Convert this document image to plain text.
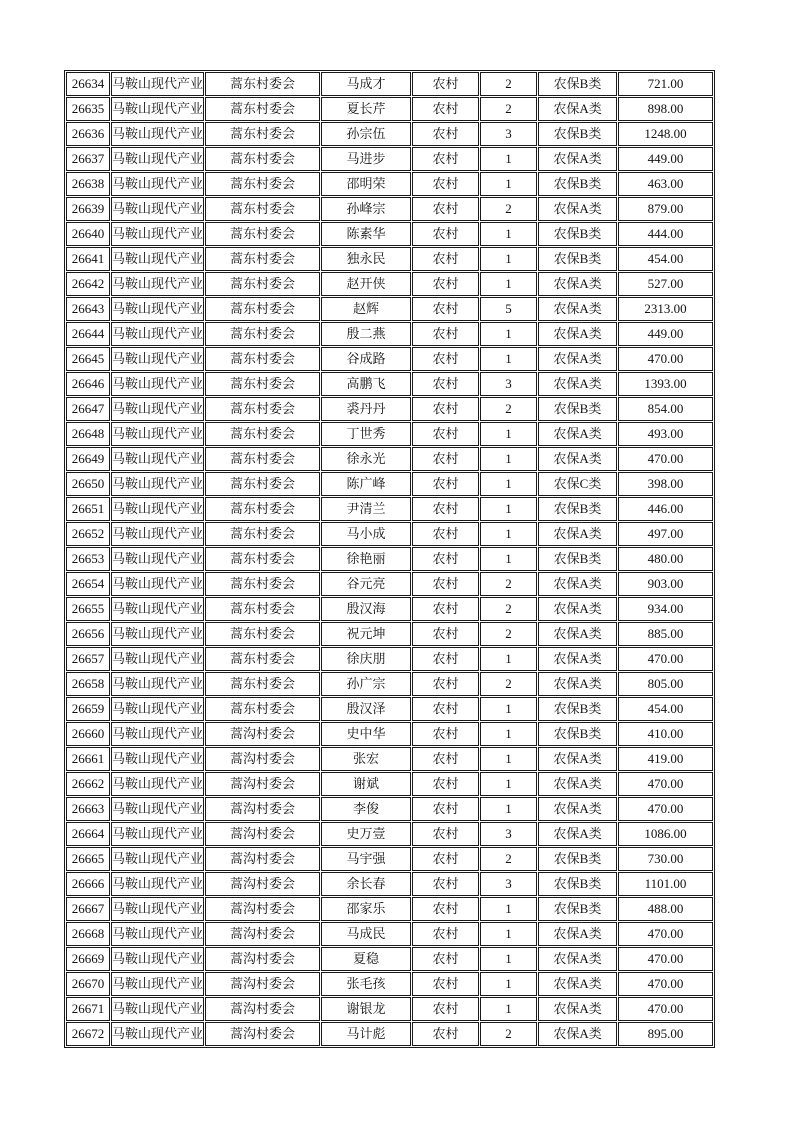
26634	马鞍山现代产业	蒿东村委会	马成才	农村	2	农保B类	721.00
26635	马鞍山现代产业	蒿东村委会	夏长芹	农村	2	农保A类	898.00
26636	马鞍山现代产业	蒿东村委会	孙宗伍	农村	3	农保B类	1248.00
26637	马鞍山现代产业	蒿东村委会	马进步	农村	1	农保A类	449.00
26638	马鞍山现代产业	蒿东村委会	邵明荣	农村	1	农保B类	463.00
26639	马鞍山现代产业	蒿东村委会	孙峰宗	农村	2	农保A类	879.00
26640	马鞍山现代产业	蒿东村委会	陈素华	农村	1	农保B类	444.00
26641	马鞍山现代产业	蒿东村委会	独永民	农村	1	农保B类	454.00
26642	马鞍山现代产业	蒿东村委会	赵开侠	农村	1	农保A类	527.00
26643	马鞍山现代产业	蒿东村委会	赵辉	农村	5	农保A类	2313.00
26644	马鞍山现代产业	蒿东村委会	殷二燕	农村	1	农保A类	449.00
26645	马鞍山现代产业	蒿东村委会	谷成路	农村	1	农保A类	470.00
26646	马鞍山现代产业	蒿东村委会	高鹏飞	农村	3	农保A类	1393.00
26647	马鞍山现代产业	蒿东村委会	裘丹丹	农村	2	农保B类	854.00
26648	马鞍山现代产业	蒿东村委会	丁世秀	农村	1	农保A类	493.00
26649	马鞍山现代产业	蒿东村委会	徐永光	农村	1	农保A类	470.00
26650	马鞍山现代产业	蒿东村委会	陈广峰	农村	1	农保C类	398.00
26651	马鞍山现代产业	蒿东村委会	尹清兰	农村	1	农保B类	446.00
26652	马鞍山现代产业	蒿东村委会	马小成	农村	1	农保A类	497.00
26653	马鞍山现代产业	蒿东村委会	徐艳丽	农村	1	农保B类	480.00
26654	马鞍山现代产业	蒿东村委会	谷元亮	农村	2	农保A类	903.00
26655	马鞍山现代产业	蒿东村委会	殷汉海	农村	2	农保A类	934.00
26656	马鞍山现代产业	蒿东村委会	祝元坤	农村	2	农保A类	885.00
26657	马鞍山现代产业	蒿东村委会	徐庆朋	农村	1	农保A类	470.00
26658	马鞍山现代产业	蒿东村委会	孙广宗	农村	2	农保A类	805.00
26659	马鞍山现代产业	蒿东村委会	殷汉泽	农村	1	农保B类	454.00
26660	马鞍山现代产业	蒿沟村委会	史中华	农村	1	农保B类	410.00
26661	马鞍山现代产业	蒿沟村委会	张宏	农村	1	农保A类	419.00
26662	马鞍山现代产业	蒿沟村委会	谢斌	农村	1	农保A类	470.00
26663	马鞍山现代产业	蒿沟村委会	李俊	农村	1	农保A类	470.00
26664	马鞍山现代产业	蒿沟村委会	史万壹	农村	3	农保A类	1086.00
26665	马鞍山现代产业	蒿沟村委会	马宇强	农村	2	农保B类	730.00
26666	马鞍山现代产业	蒿沟村委会	余长春	农村	3	农保B类	1101.00
26667	马鞍山现代产业	蒿沟村委会	邵家乐	农村	1	农保B类	488.00
26668	马鞍山现代产业	蒿沟村委会	马成民	农村	1	农保A类	470.00
26669	马鞍山现代产业	蒿沟村委会	夏稳	农村	1	农保A类	470.00
26670	马鞍山现代产业	蒿沟村委会	张毛孩	农村	1	农保A类	470.00
26671	马鞍山现代产业	蒿沟村委会	谢银龙	农村	1	农保A类	470.00
26672	马鞍山现代产业	蒿沟村委会	马计彪	农村	2	农保A类	895.00
